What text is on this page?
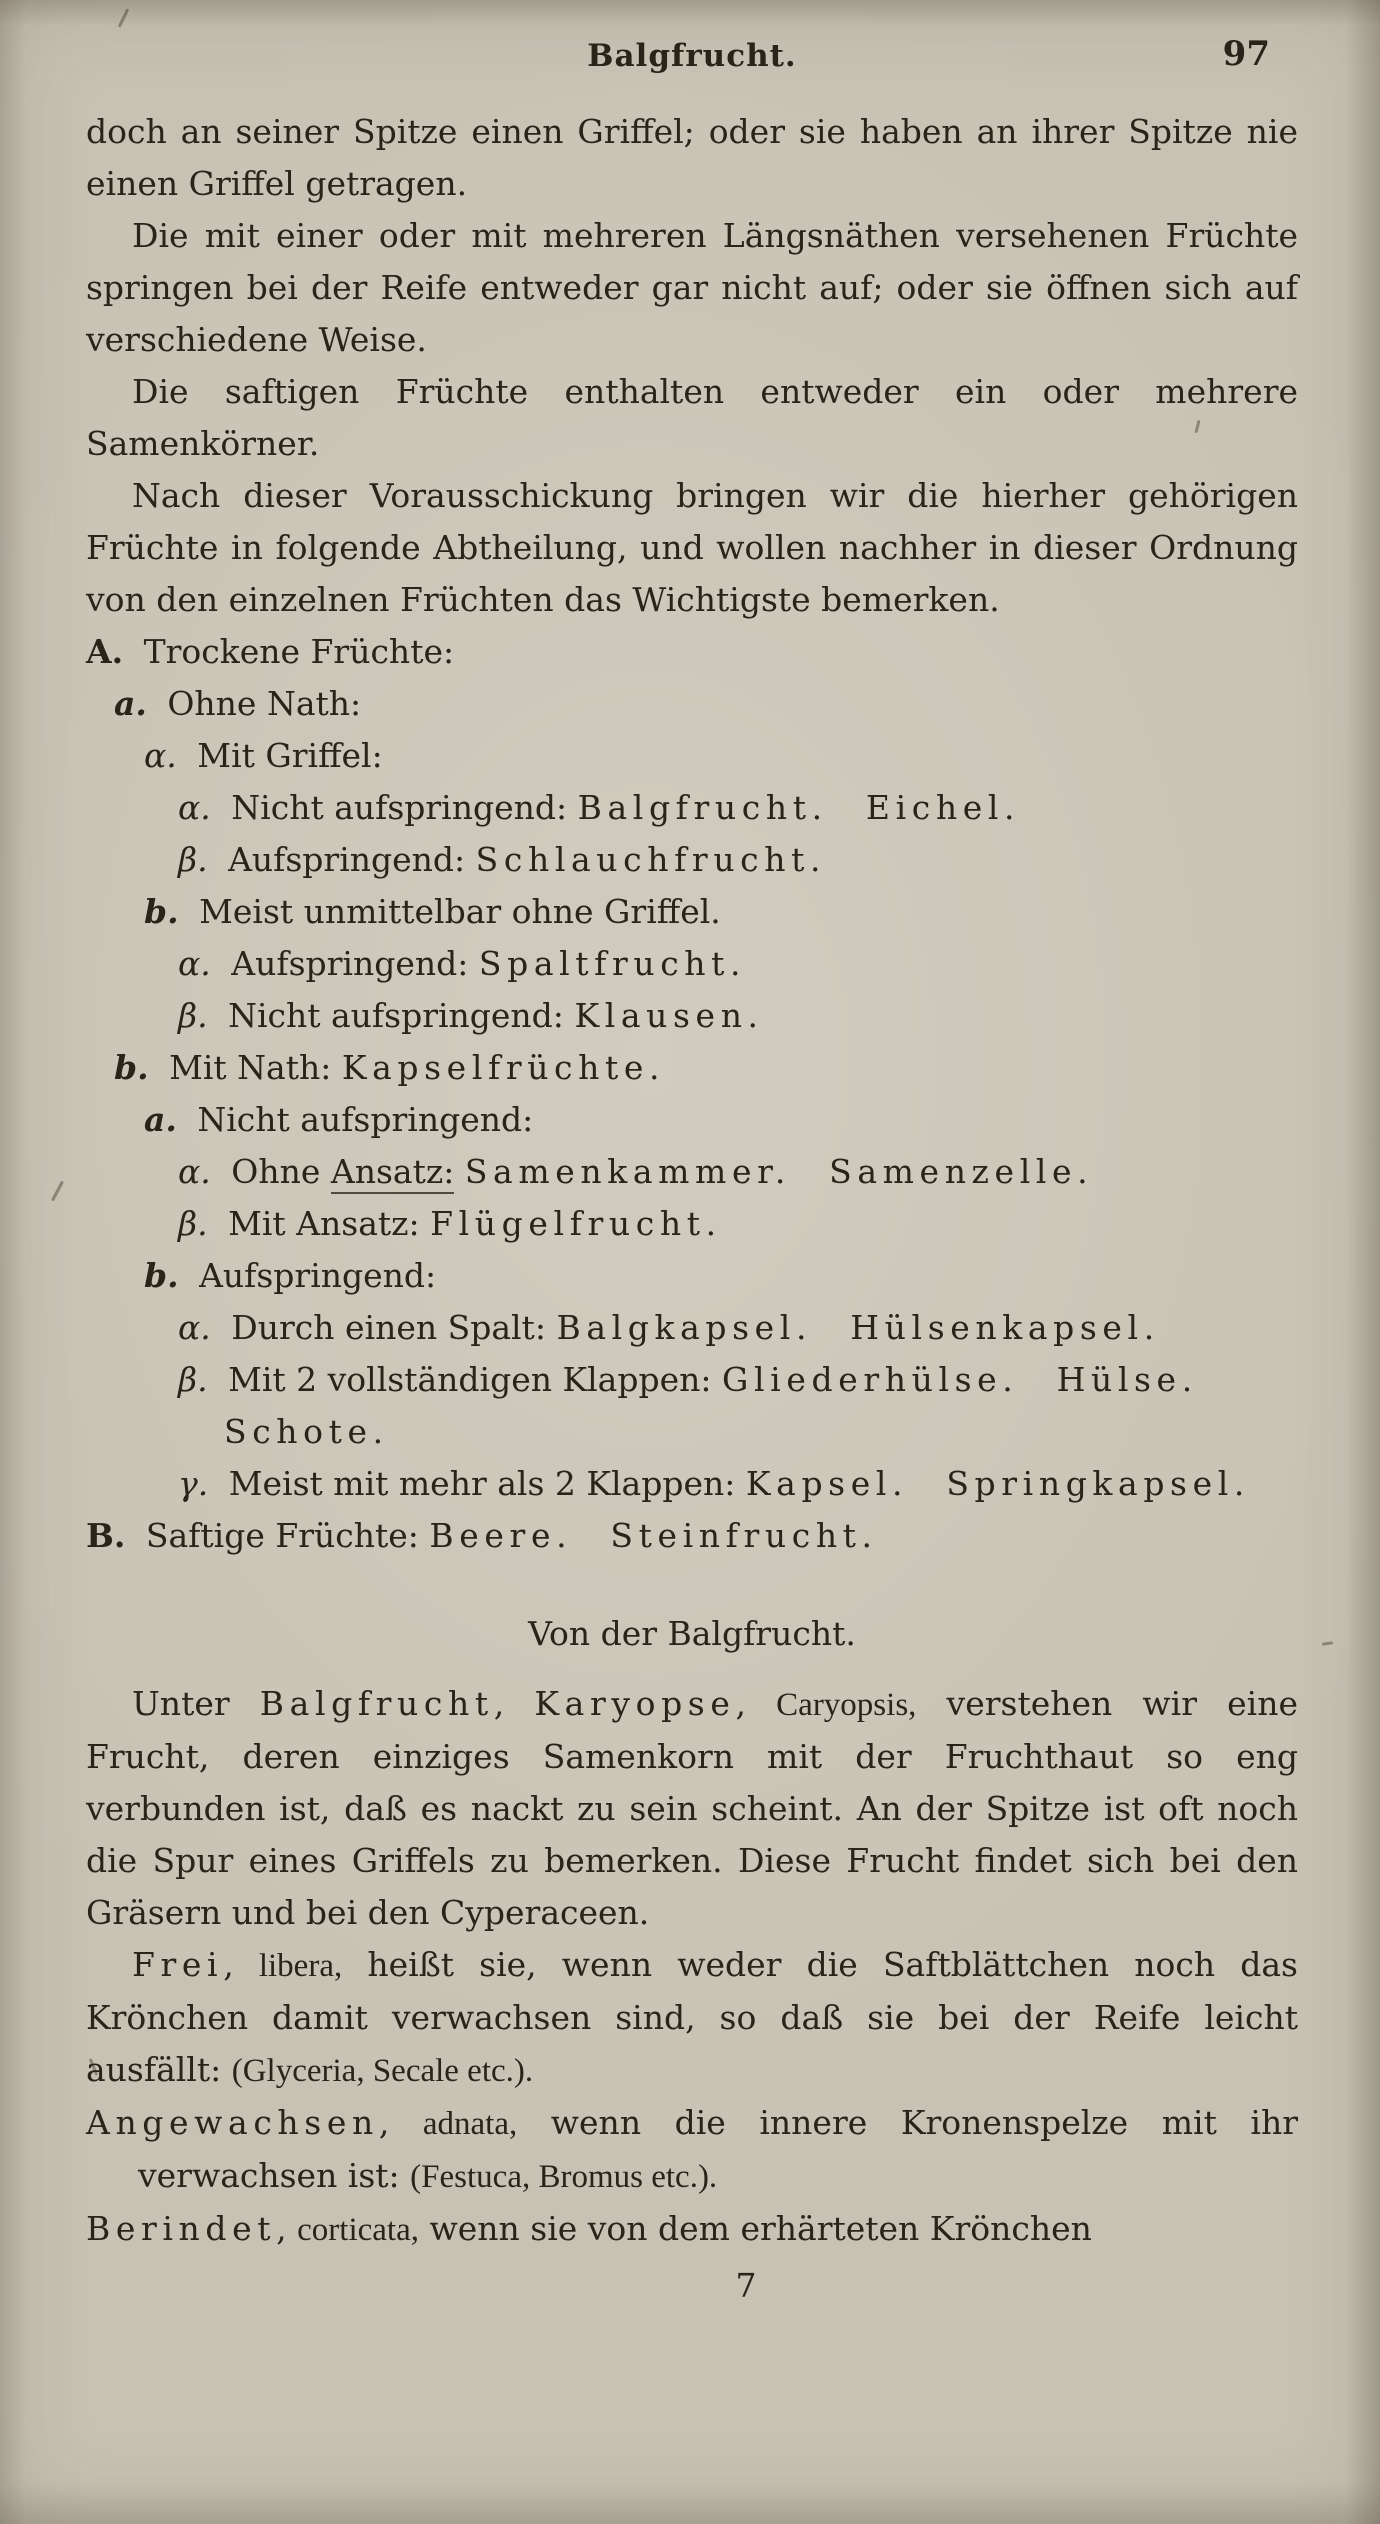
Balgfrucht.	97

doch an seiner Spitze einen Griffel; oder sie haben an ihrer Spitze nie einen Griffel getragen.

Die mit einer oder mit mehreren Längsnäthen versehenen Früchte springen bei der Reife entweder gar nicht auf; oder sie öffnen sich auf verschiedene Weise.

Die saftigen Früchte enthalten entweder ein oder mehrere Samenkörner.

Nach dieser Vorausschickung bringen wir die hierher gehörigen Früchte in folgende Abtheilung, und wollen nachher in dieser Ordnung von den einzelnen Früchten das Wichtigste bemerken.

A. Trockene Früchte:
a. Ohne Nath:
α. Mit Griffel:
α. Nicht aufspringend: Balgfrucht.  Eichel.
β. Aufspringend: Schlauchfrucht.
b. Meist unmittelbar ohne Griffel.
α. Aufspringend: Spaltfrucht.
β. Nicht aufspringend: Klausen.
b. Mit Nath: Kapselfrüchte.
a. Nicht aufspringend:
α. Ohne Ansatz: Samenkammer.  Samenzelle.
β. Mit Ansatz: Flügelfrucht.
b. Aufspringend:
α. Durch einen Spalt: Balgkapsel.  Hülsenkapsel.
β. Mit 2 vollständigen Klappen: Gliederhülse.  Hülse.  Schote.
γ. Meist mit mehr als 2 Klappen: Kapsel.  Springkapsel.
B. Saftige Früchte: Beere.  Steinfrucht.
Von der Balgfrucht.

Unter Balgfrucht, Karyopse, Caryopsis, verstehen wir eine Frucht, deren einziges Samenkorn mit der Fruchthaut so eng verbunden ist, daß es nackt zu sein scheint. An der Spitze ist oft noch die Spur eines Griffels zu bemerken. Diese Frucht findet sich bei den Gräsern und bei den Cyperaceen.

Frei, libera, heißt sie, wenn weder die Saftblättchen noch das Krönchen damit verwachsen sind, so daß sie bei der Reife leicht ausfällt: (Glyceria, Secale etc.).

Angewachsen, adnata, wenn die innere Kronenspelze mit ihr verwachsen ist: (Festuca, Bromus etc.).

Berindet, corticata, wenn sie von dem erhärteten Krönchen

7
